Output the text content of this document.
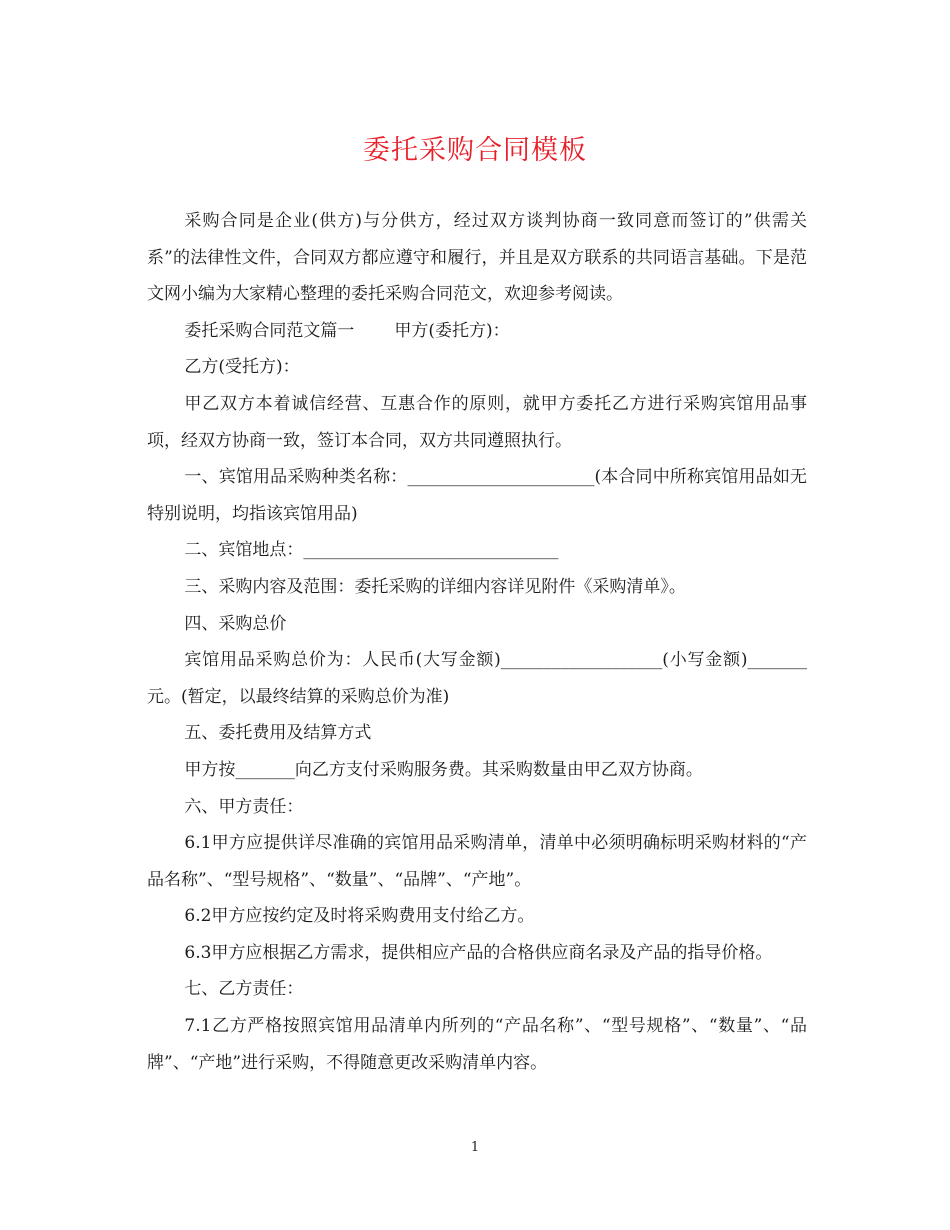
委托采购合同模板

采购合同是企业(供方)与分供方，经过双方谈判协商一致同意而签订的”供需关系”的法律性文件，合同双方都应遵守和履行，并且是双方联系的共同语言基础。下是范文网小编为大家精心整理的委托采购合同范文，欢迎参考阅读。

委托采购合同范文篇一 甲方(委托方)：

乙方(受托方)：

甲乙双方本着诚信经营、互惠合作的原则，就甲方委托乙方进行采购宾馆用品事项，经双方协商一致，签订本合同，双方共同遵照执行。

一、宾馆用品采购种类名称：______________________(本合同中所称宾馆用品如无特别说明，均指该宾馆用品)

二、宾馆地点：______________________________

三、采购内容及范围：委托采购的详细内容详见附件《采购清单》。

四、采购总价

宾馆用品采购总价为：人民币(大写金额)___________________(小写金额)_______元。(暂定，以最终结算的采购总价为准)

五、委托费用及结算方式

甲方按_______向乙方支付采购服务费。其采购数量由甲乙双方协商。

六、甲方责任：

6.1甲方应提供详尽准确的宾馆用品采购清单，清单中必须明确标明采购材料的“产品名称”、“型号规格”、“数量”、“品牌”、“产地”。

6.2甲方应按约定及时将采购费用支付给乙方。

6.3甲方应根据乙方需求，提供相应产品的合格供应商名录及产品的指导价格。

七、乙方责任：

7.1乙方严格按照宾馆用品清单内所列的“产品名称”、“型号规格”、“数量”、“品牌”、“产地”进行采购，不得随意更改采购清单内容。

1
